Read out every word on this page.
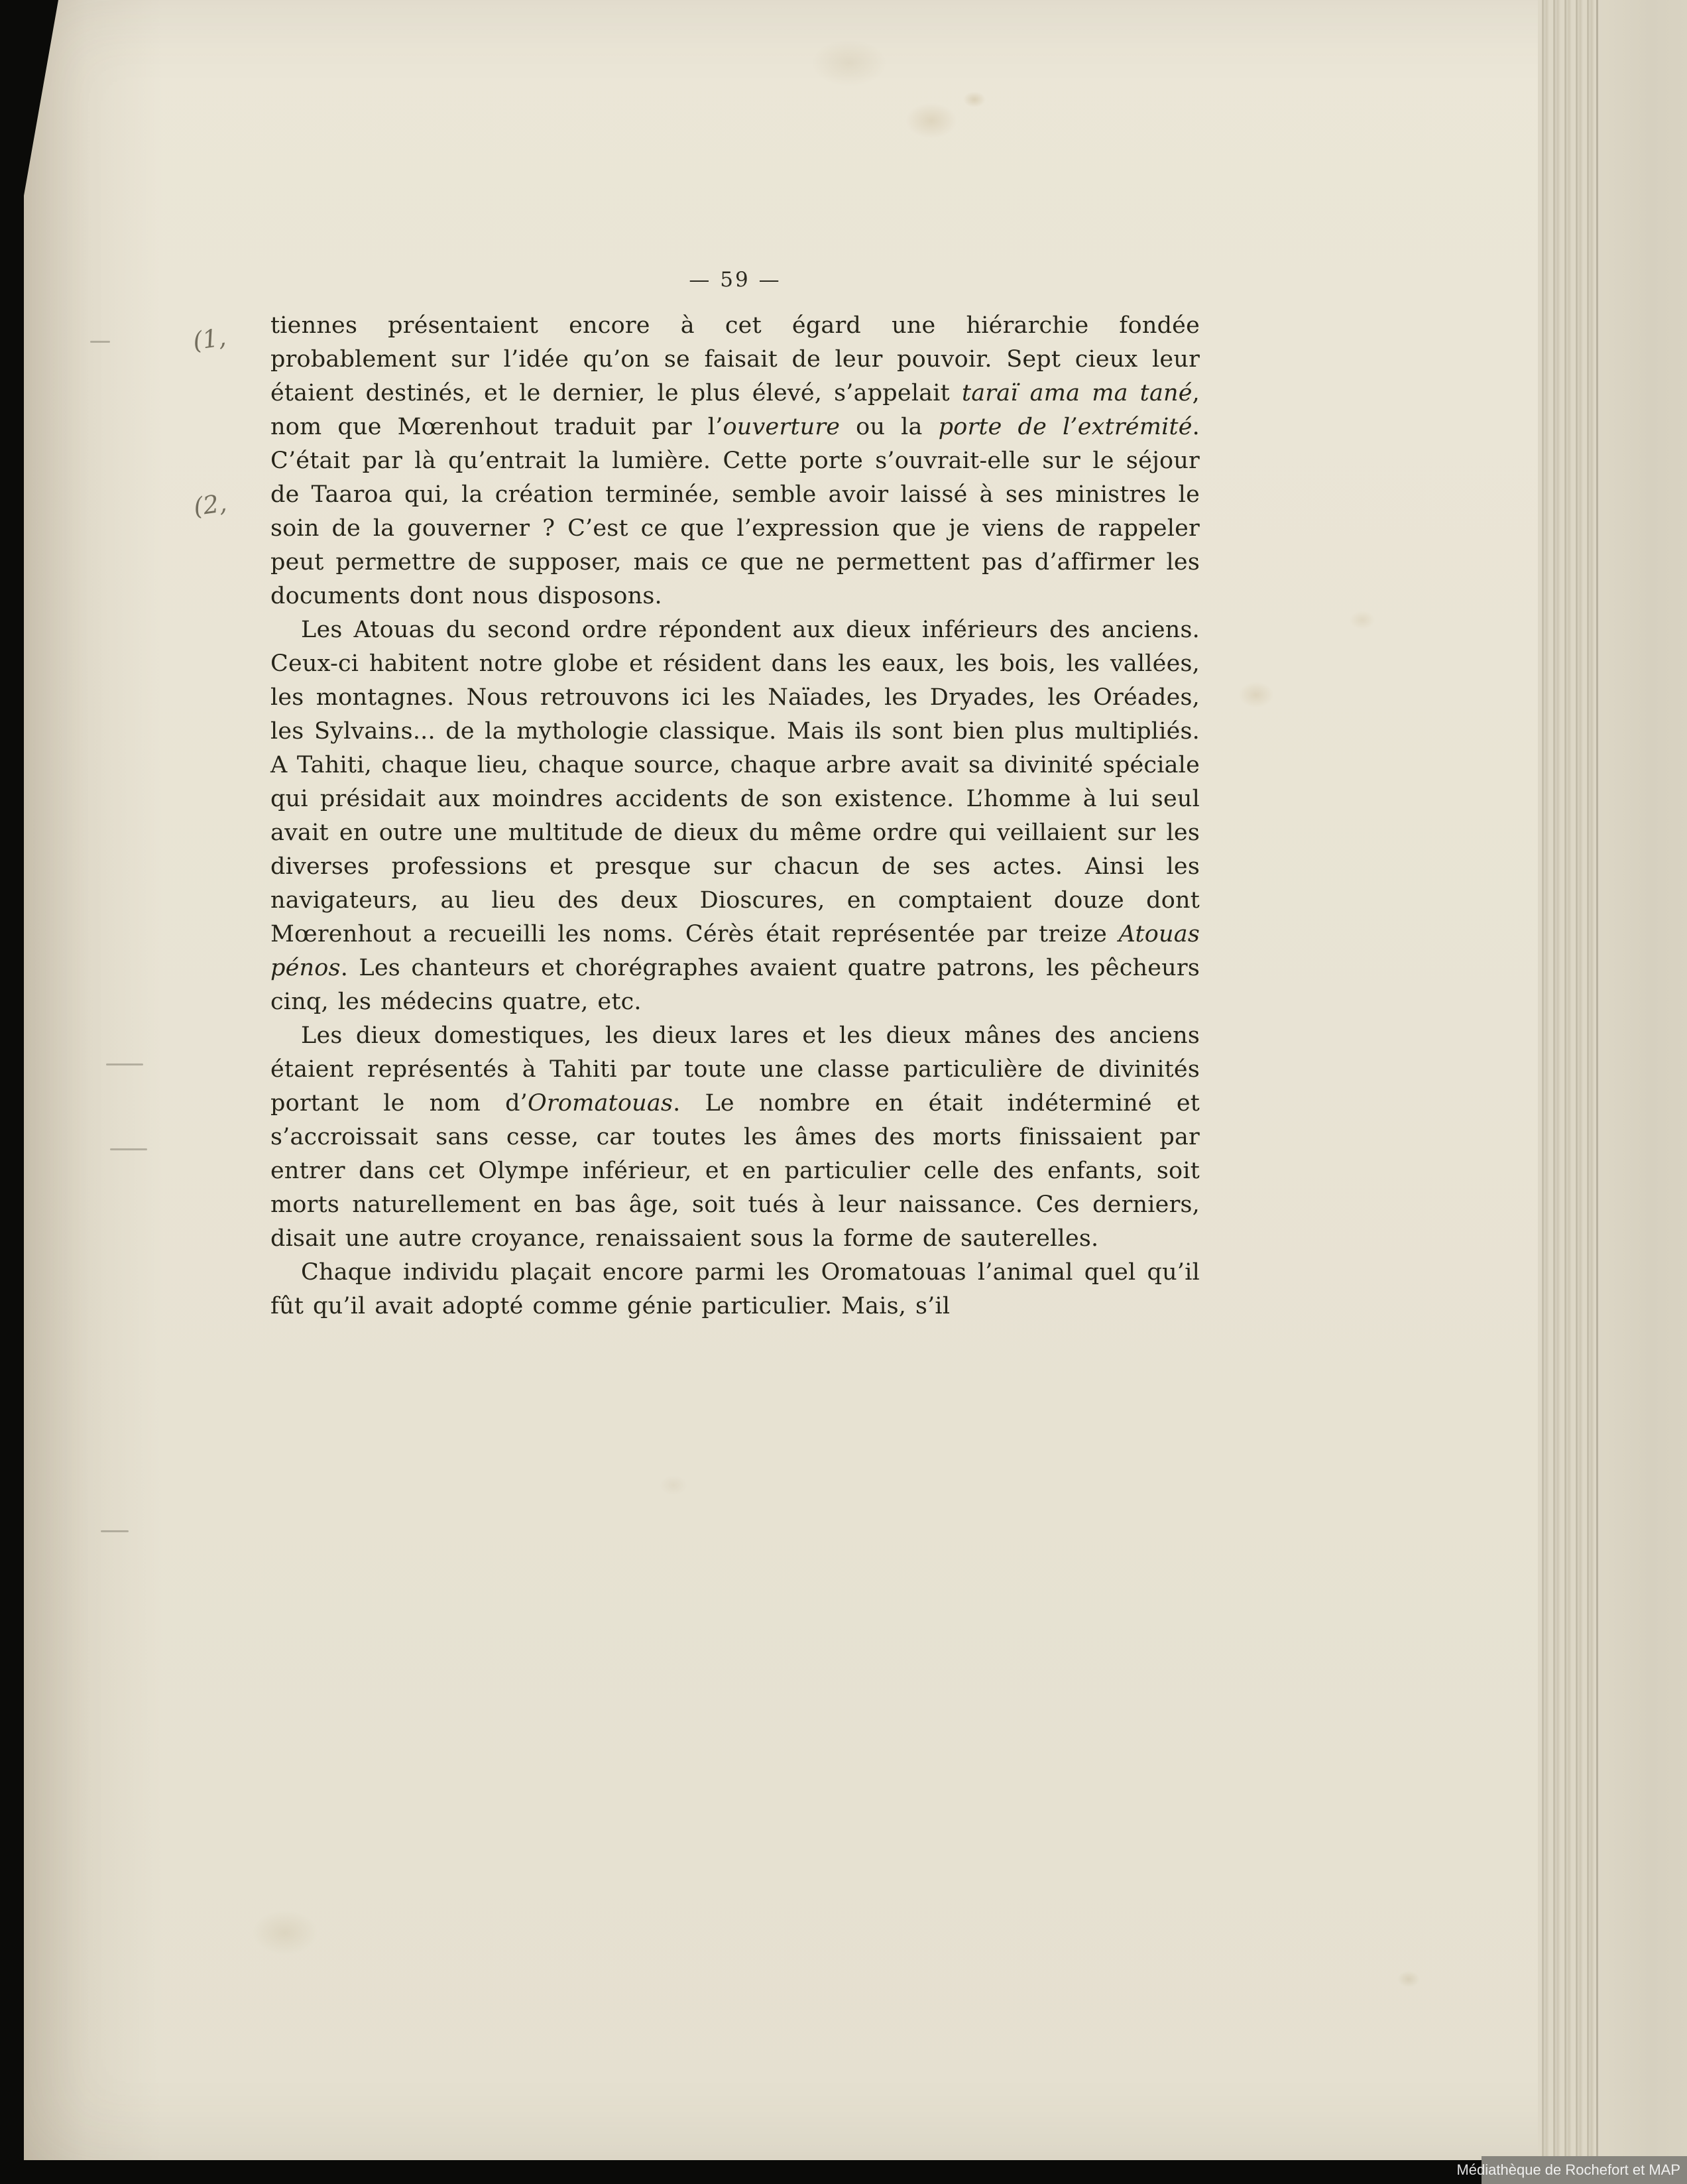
— 59 —
(1,
(2,

tiennes présentaient encore à cet égard une hiérarchie fondée probablement sur l’idée qu’on se faisait de leur pouvoir. Sept cieux leur étaient destinés, et le dernier, le plus élevé, s’appelait taraï ama ma tané, nom que Mœrenhout traduit par l’ouverture ou la porte de l’extrémité. C’était par là qu’entrait la lumière. Cette porte s’ouvrait-elle sur le séjour de Taaroa qui, la création terminée, semble avoir laissé à ses ministres le soin de la gouverner ? C’est ce que l’expression que je viens de rappeler peut permettre de supposer, mais ce que ne permettent pas d’affirmer les documents dont nous disposons.

Les Atouas du second ordre répondent aux dieux inférieurs des anciens. Ceux-ci habitent notre globe et résident dans les eaux, les bois, les vallées, les montagnes. Nous retrouvons ici les Naïades, les Dryades, les Oréades, les Sylvains... de la mythologie classique. Mais ils sont bien plus multipliés. A Tahiti, chaque lieu, chaque source, chaque arbre avait sa divinité spéciale qui présidait aux moindres accidents de son existence. L’homme à lui seul avait en outre une multitude de dieux du même ordre qui veillaient sur les diverses professions et presque sur chacun de ses actes. Ainsi les navigateurs, au lieu des deux Dioscures, en comptaient douze dont Mœrenhout a recueilli les noms. Cérès était représentée par treize Atouas pénos. Les chanteurs et chorégraphes avaient quatre patrons, les pêcheurs cinq, les médecins quatre, etc.

Les dieux domestiques, les dieux lares et les dieux mânes des anciens étaient représentés à Tahiti par toute une classe particulière de divinités portant le nom d’Oromatouas. Le nombre en était indéterminé et s’accroissait sans cesse, car toutes les âmes des morts finissaient par entrer dans cet Olympe inférieur, et en particulier celle des enfants, soit morts naturellement en bas âge, soit tués à leur naissance. Ces derniers, disait une autre croyance, renaissaient sous la forme de sauterelles.

Chaque individu plaçait encore parmi les Oromatouas l’animal quel qu’il fût qu’il avait adopté comme génie particulier. Mais, s’il

Médiathèque de Rochefort et MAP
